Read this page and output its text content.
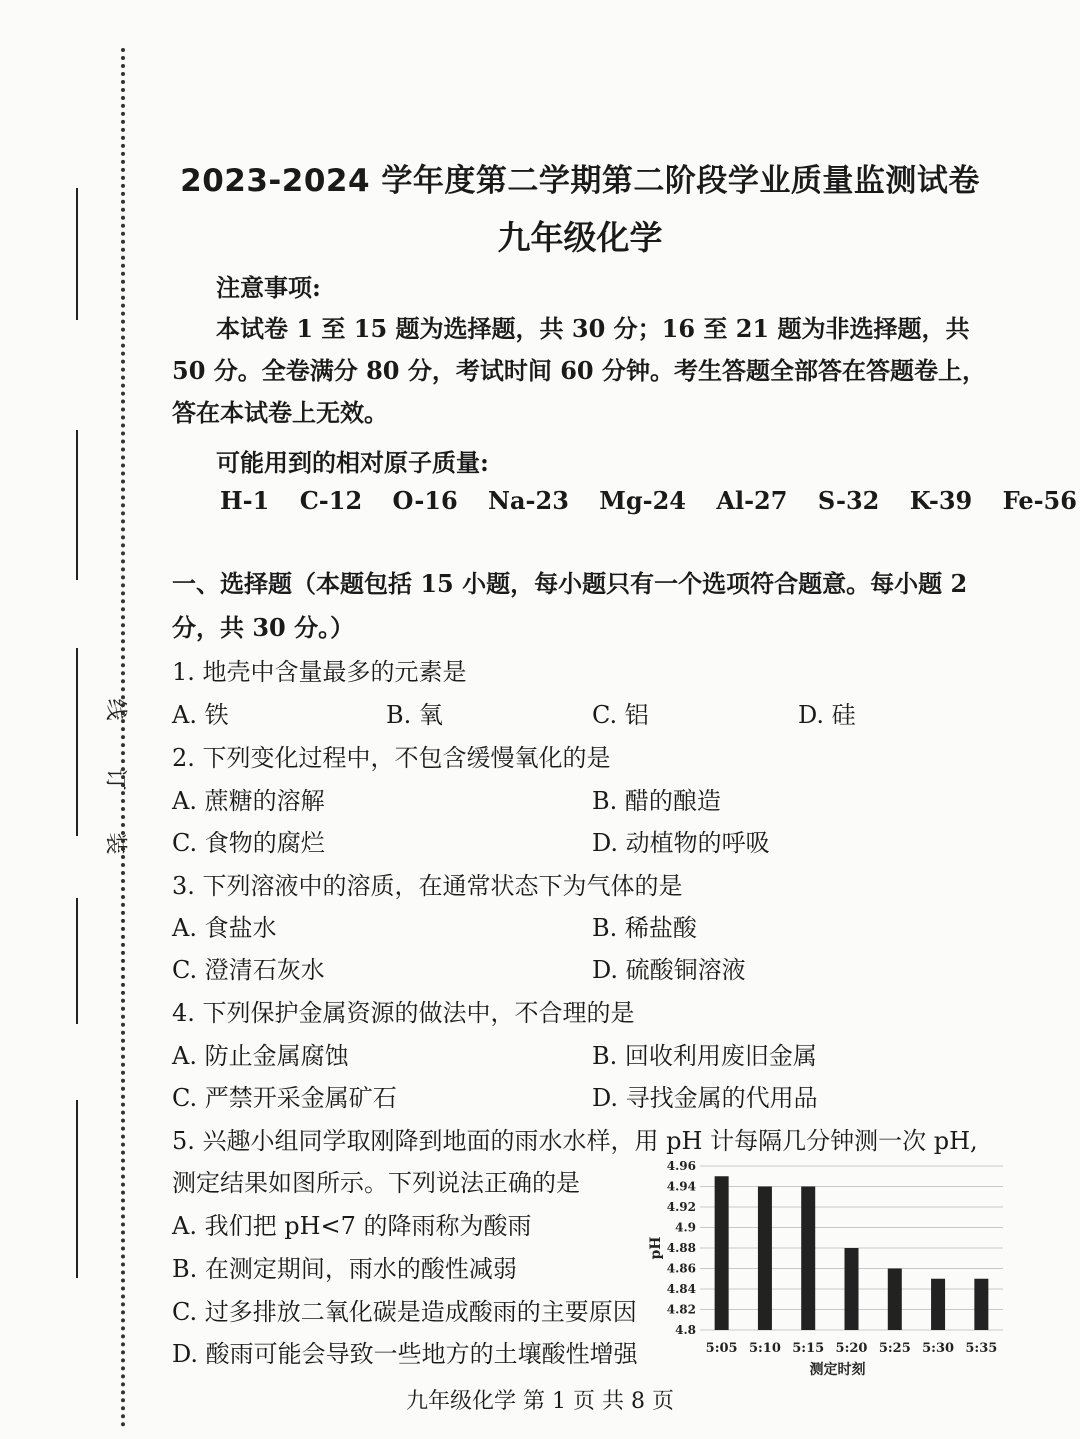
线
订
装
2023-2024 学年度第二学期第二阶段学业质量监测试卷
九年级化学
注意事项:
本试卷 1 至 15 题为选择题，共 30 分；16 至 21 题为非选择题，共 50 分。全卷满分 80 分，考试时间 60 分钟。考生答题全部答在答题卷上，答在本试卷上无效。
可能用到的相对原子质量:
H-1 C-12 O-16 Na-23 Mg-24 Al-27 S-32 K-39 Fe-56
一、选择题（本题包括 15 小题，每小题只有一个选项符合题意。每小题 2 分，共 30 分。）
1. 地壳中含量最多的元素是
A. 铁	B. 氧	C. 铝	D. 硅
2. 下列变化过程中，不包含缓慢氧化的是
A. 蔗糖的溶解	B. 醋的酿造
C. 食物的腐烂	D. 动植物的呼吸
3. 下列溶液中的溶质，在通常状态下为气体的是
A. 食盐水	B. 稀盐酸
C. 澄清石灰水	D. 硫酸铜溶液
4. 下列保护金属资源的做法中，不合理的是
A. 防止金属腐蚀	B. 回收利用废旧金属
C. 严禁开采金属矿石	D. 寻找金属的代用品
5. 兴趣小组同学取刚降到地面的雨水水样，用 pH 计每隔几分钟测一次 pH,
测定结果如图所示。下列说法正确的是
A. 我们把 pH<7 的降雨称为酸雨
B. 在测定期间，雨水的酸性减弱
C. 过多排放二氧化碳是造成酸雨的主要原因
D. 酸雨可能会导致一些地方的土壤酸性增强
4.96
4.94
4.92
4.9
4.88
4.86
4.84
4.82
4.8
5:05 5:10 5:15 5:20 5:25 5:30 5:35
pH
测定时刻
九年级化学 第 1 页 共 8 页
